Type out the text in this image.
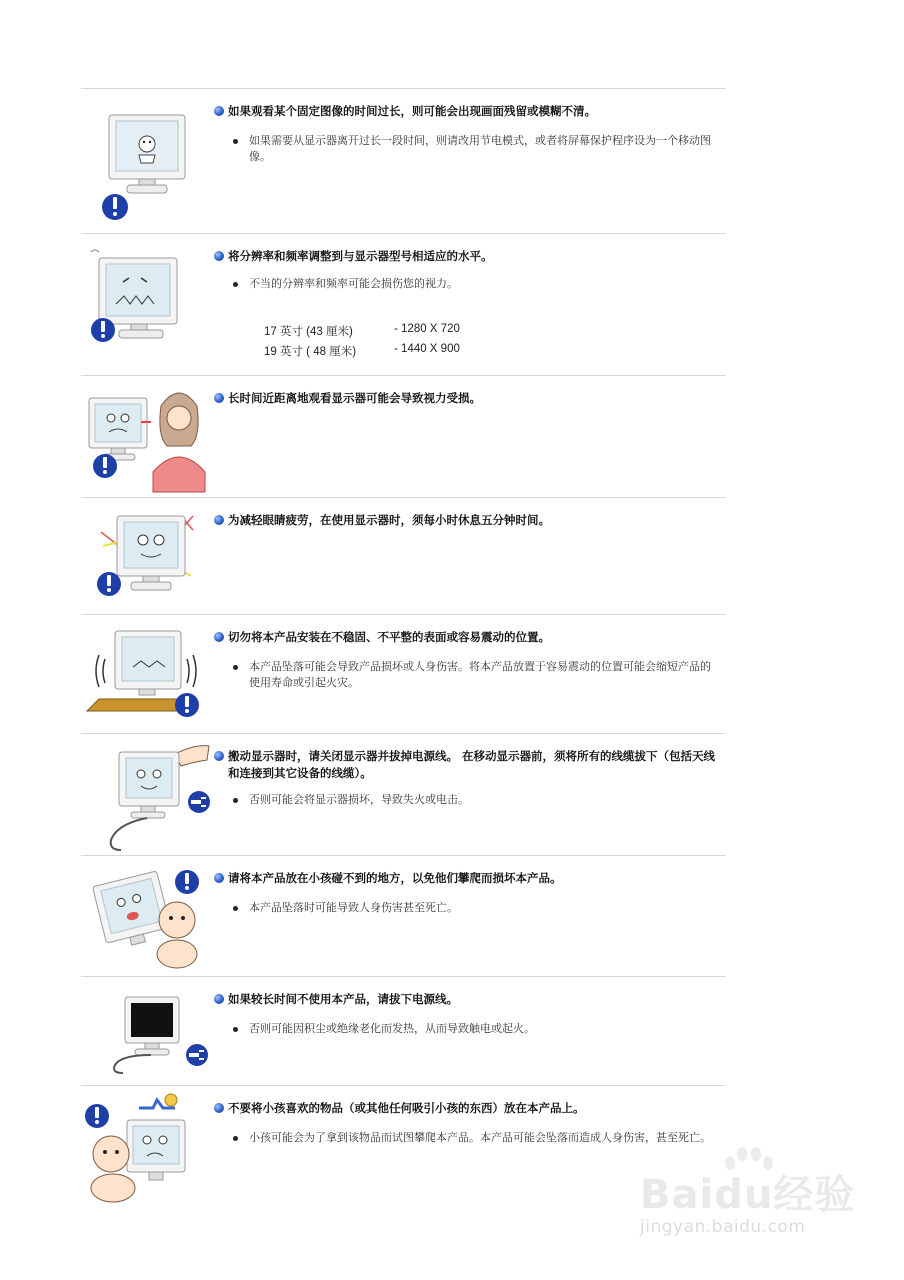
如果观看某个固定图像的时间过长，则可能会出现画面残留或模糊不清。
如果需要从显示器离开过长一段时间，则请改用节电模式，或者将屏幕保护程序设为一个移动图像。
将分辨率和频率调整到与显示器型号相适应的水平。
不当的分辨率和频率可能会损伤您的视力。
17 英寸 (43 厘米)	- 1280 X 720
19 英寸 ( 48 厘米)	- 1440 X 900
长时间近距离地观看显示器可能会导致视力受损。
为减轻眼睛疲劳，在使用显示器时，须每小时休息五分钟时间。
切勿将本产品安装在不稳固、不平整的表面或容易震动的位置。
本产品坠落可能会导致产品损坏或人身伤害。将本产品放置于容易震动的位置可能会缩短产品的使用寿命或引起火灾。
搬动显示器时，请关闭显示器并拔掉电源线。 在移动显示器前，须将所有的线缆拔下（包括天线和连接到其它设备的线缆）。
否则可能会将显示器损坏，导致失火或电击。
请将本产品放在小孩碰不到的地方，以免他们攀爬而损坏本产品。
本产品坠落时可能导致人身伤害甚至死亡。
如果较长时间不使用本产品，请拔下电源线。
否则可能因积尘或绝缘老化而发热，从而导致触电或起火。
不要将小孩喜欢的物品（或其他任何吸引小孩的东西）放在本产品上。
小孩可能会为了拿到该物品而试图攀爬本产品。本产品可能会坠落而造成人身伤害，甚至死亡。
Baidu经验
jingyan.baidu.com
